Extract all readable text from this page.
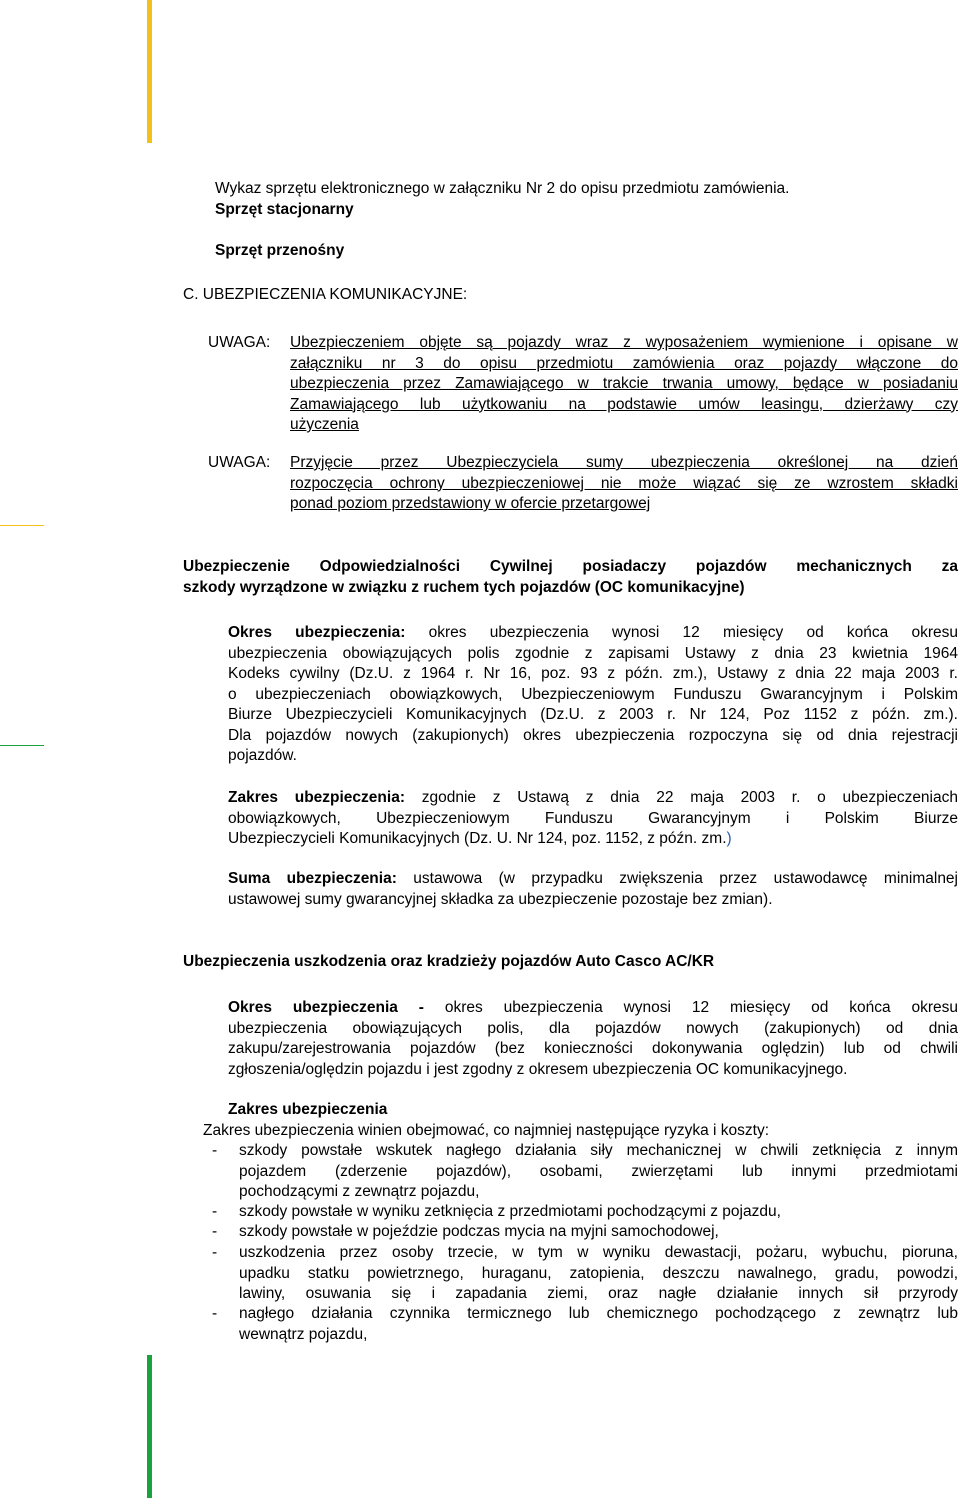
Wykaz sprzętu elektronicznego w załączniku Nr 2 do opisu przedmiotu zamówienia.

Sprzęt stacjonarny

Sprzęt przenośny

C. UBEZPIECZENIA KOMUNIKACYJNE:

UWAGA: Ubezpieczeniem objęte są pojazdy wraz z wyposażeniem wymienione i opisane w
załączniku nr 3 do opisu przedmiotu zamówienia oraz pojazdy włączone do
ubezpieczenia przez Zamawiającego w trakcie trwania umowy, będące w posiadaniu
Zamawiającego lub użytkowaniu na podstawie umów leasingu, dzierżawy czy
użyczenia
UWAGA: Przyjęcie przez Ubezpieczyciela sumy ubezpieczenia określonej na dzień
rozpoczęcia ochrony ubezpieczeniowej nie może wiązać się ze wzrostem składki
ponad poziom przedstawiony w ofercie przetargowej
Ubezpieczenie Odpowiedzialności Cywilnej posiadaczy pojazdów mechanicznych za
szkody wyrządzone w związku z ruchem tych pojazdów (OC komunikacyjne)
Okres ubezpieczenia: okres ubezpieczenia wynosi 12 miesięcy od końca okresu
ubezpieczenia obowiązujących polis zgodnie z zapisami Ustawy z dnia 23 kwietnia 1964
Kodeks cywilny (Dz.U. z 1964 r. Nr 16, poz. 93 z późn. zm.), Ustawy z dnia 22 maja 2003 r.
o ubezpieczeniach obowiązkowych, Ubezpieczeniowym Funduszu Gwarancyjnym i Polskim
Biurze Ubezpieczycieli Komunikacyjnych (Dz.U. z 2003 r. Nr 124, Poz 1152 z późn. zm.).
Dla pojazdów nowych (zakupionych) okres ubezpieczenia rozpoczyna się od dnia rejestracji
pojazdów.
Zakres ubezpieczenia: zgodnie z Ustawą z dnia 22 maja 2003 r. o ubezpieczeniach
obowiązkowych, Ubezpieczeniowym Funduszu Gwarancyjnym i Polskim Biurze
Ubezpieczycieli Komunikacyjnych (Dz. U. Nr 124, poz. 1152, z późn. zm.)
Suma ubezpieczenia: ustawowa (w przypadku zwiększenia przez ustawodawcę minimalnej
ustawowej sumy gwarancyjnej składka za ubezpieczenie pozostaje bez zmian).

Ubezpieczenia uszkodzenia oraz kradzieży pojazdów Auto Casco AC/KR

Okres ubezpieczenia - okres ubezpieczenia wynosi 12 miesięcy od końca okresu
ubezpieczenia obowiązujących polis, dla pojazdów nowych (zakupionych) od dnia
zakupu/zarejestrowania pojazdów (bez konieczności dokonywania oględzin) lub od chwili
zgłoszenia/oględzin pojazdu i jest zgodny z okresem ubezpieczenia OC komunikacyjnego.

Zakres ubezpieczenia

Zakres ubezpieczenia winien obejmować, co najmniej następujące ryzyka i koszty:

- szkody powstałe wskutek nagłego działania siły mechanicznej w chwili zetknięcia z innym
pojazdem (zderzenie pojazdów), osobami, zwierzętami lub innymi przedmiotami
pochodzącymi z zewnątrz pojazdu,
- szkody powstałe w wyniku zetknięcia z przedmiotami pochodzącymi z pojazdu,
- szkody powstałe w pojeździe podczas mycia na myjni samochodowej,
- uszkodzenia przez osoby trzecie, w tym w wyniku dewastacji, pożaru, wybuchu, pioruna,
upadku statku powietrznego, huraganu, zatopienia, deszczu nawalnego, gradu, powodzi,
lawiny, osuwania się i zapadania ziemi, oraz nagłe działanie innych sił przyrody
- nagłego działania czynnika termicznego lub chemicznego pochodzącego z zewnątrz lub
wewnątrz pojazdu,
